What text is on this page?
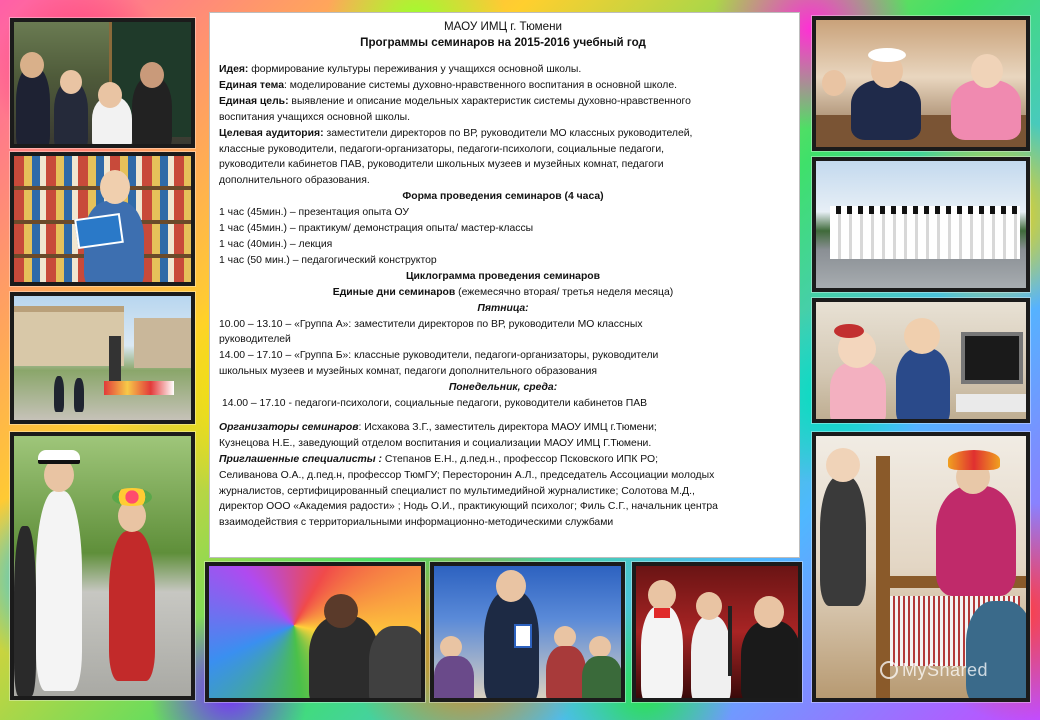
МАОУ ИМЦ г. Тюмени
Программы семинаров на 2015-2016 учебный год

Идея: формирование культуры переживания у учащихся основной школы.

Единая тема: моделирование системы духовно-нравственного воспитания в основной школе.

Единая цель: выявление и описание модельных характеристик системы духовно-нравственного

воспитания учащихся основной школы.

Целевая аудитория: заместители директоров по ВР, руководители МО классных руководителей,

классные руководители, педагоги-организаторы, педагоги-психологи, социальные педагоги,

руководители кабинетов ПАВ, руководители школьных музеев и музейных комнат, педагоги

дополнительного образования.

Форма проведения семинаров (4 часа)

1 час (45мин.) – презентация опыта ОУ

1 час (45мин.) – практикум/ демонстрация опыта/ мастер-классы

1 час (40мин.) – лекция

1 час (50 мин.) – педагогический конструктор

Циклограмма проведения семинаров

Единые дни семинаров (ежемесячно вторая/ третья неделя месяца)

Пятница:

10.00 – 13.10 – «Группа А»: заместители директоров по ВР, руководители МО классных

руководителей

14.00 – 17.10 – «Группа Б»: классные руководители, педагоги-организаторы, руководители

школьных музеев и музейных комнат, педагоги дополнительного образования

Понедельник, среда:

14.00 – 17.10 - педагоги-психологи, социальные педагоги, руководители кабинетов ПАВ

Организаторы семинаров: Исхакова З.Г., заместитель директора МАОУ ИМЦ г.Тюмени;

Кузнецова Н.Е., заведующий отделом воспитания и социализации МАОУ ИМЦ Г.Тюмени.

Приглашенные специалисты : Степанов Е.Н., д.пед.н., профессор Псковского ИПК РО;

Селиванова О.А., д.пед.н, профессор ТюмГУ; Пересторонин А.Л., председатель Ассоциации молодых

журналистов, сертифицированный специалист по мультимедийной журналистике; Солотова М.Д.,

директор ООО «Академия радости» ; Нодь О.И., практикующий психолог; Филь С.Г., начальник центра

взаимодействия с территориальными информационно-методическими службами

MyShared
